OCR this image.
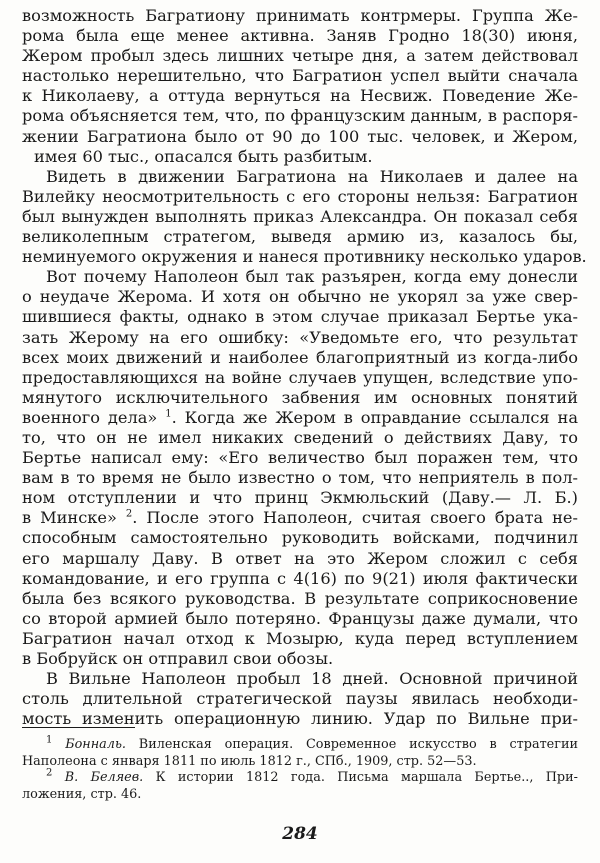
возможность Багратиону принимать контрмеры. Группа Же-
рома была еще менее активна. Заняв Гродно 18(30) июня,
Жером пробыл здесь лишних четыре дня, а затем действовал
настолько нерешительно, что Багратион успел выйти сначала
к Николаеву, а оттуда вернуться на Несвиж. Поведение Же-
рома объясняется тем, что, по французским данным, в распоря-
жении Багратиона было от 90 до 100 тыс. человек, и Жером,
имея 60 тыс., опасался быть разбитым.
Видеть в движении Багратиона на Николаев и далее на
Вилейку неосмотрительность с его стороны нельзя: Багратион
был вынужден выполнять приказ Александра. Он показал себя
великолепным стратегом, выведя армию из, казалось бы,
неминуемого окружения и нанеся противнику несколько ударов.
Вот почему Наполеон был так разъярен, когда ему донесли
о неудаче Жерома. И хотя он обычно не укорял за уже свер-
шившиеся факты, однако в этом случае приказал Бертье ука-
зать Жерому на его ошибку: «Уведомьте его, что результат
всех моих движений и наиболее благоприятный из когда-либо
предоставляющихся на войне случаев упущен, вследствие упо-
мянутого исключительного забвения им основных понятий
военного дела» $^1$. Когда же Жером в оправдание ссылался на
то, что он не имел никаких сведений о действиях Даву, то
Бертье написал ему: «Его величество был поражен тем, что
вам в то время не было известно о том, что неприятель в пол-
ном отступлении и что принц Экмюльский (Даву.— Л. Б.)
в Минске» $^2$. После этого Наполеон, считая своего брата не-
способным самостоятельно руководить войсками, подчинил
его маршалу Даву. В ответ на это Жером сложил с себя
командование, и его группа с 4(16) по 9(21) июля фактически
была без всякого руководства. В результате соприкосновение
со второй армией было потеряно. Французы даже думали, что
Багратион начал отход к Мозырю, куда перед вступлением
в Бобруйск он отправил свои обозы.
В Вильне Наполеон пробыл 18 дней. Основной причиной
столь длительной стратегической паузы явилась необходи-
мость изменить операционную линию. Удар по Вильне при-
$^1$ Бонналь. Виленская операция. Современное искусство в стратегии
Наполеона с января 1811 по июль 1812 г., СПб., 1909, стр. 52—53.
$^2$ В. Беляев. К истории 1812 года. Письма маршала Бертье.., При-
ложения, стр. 46.
284
